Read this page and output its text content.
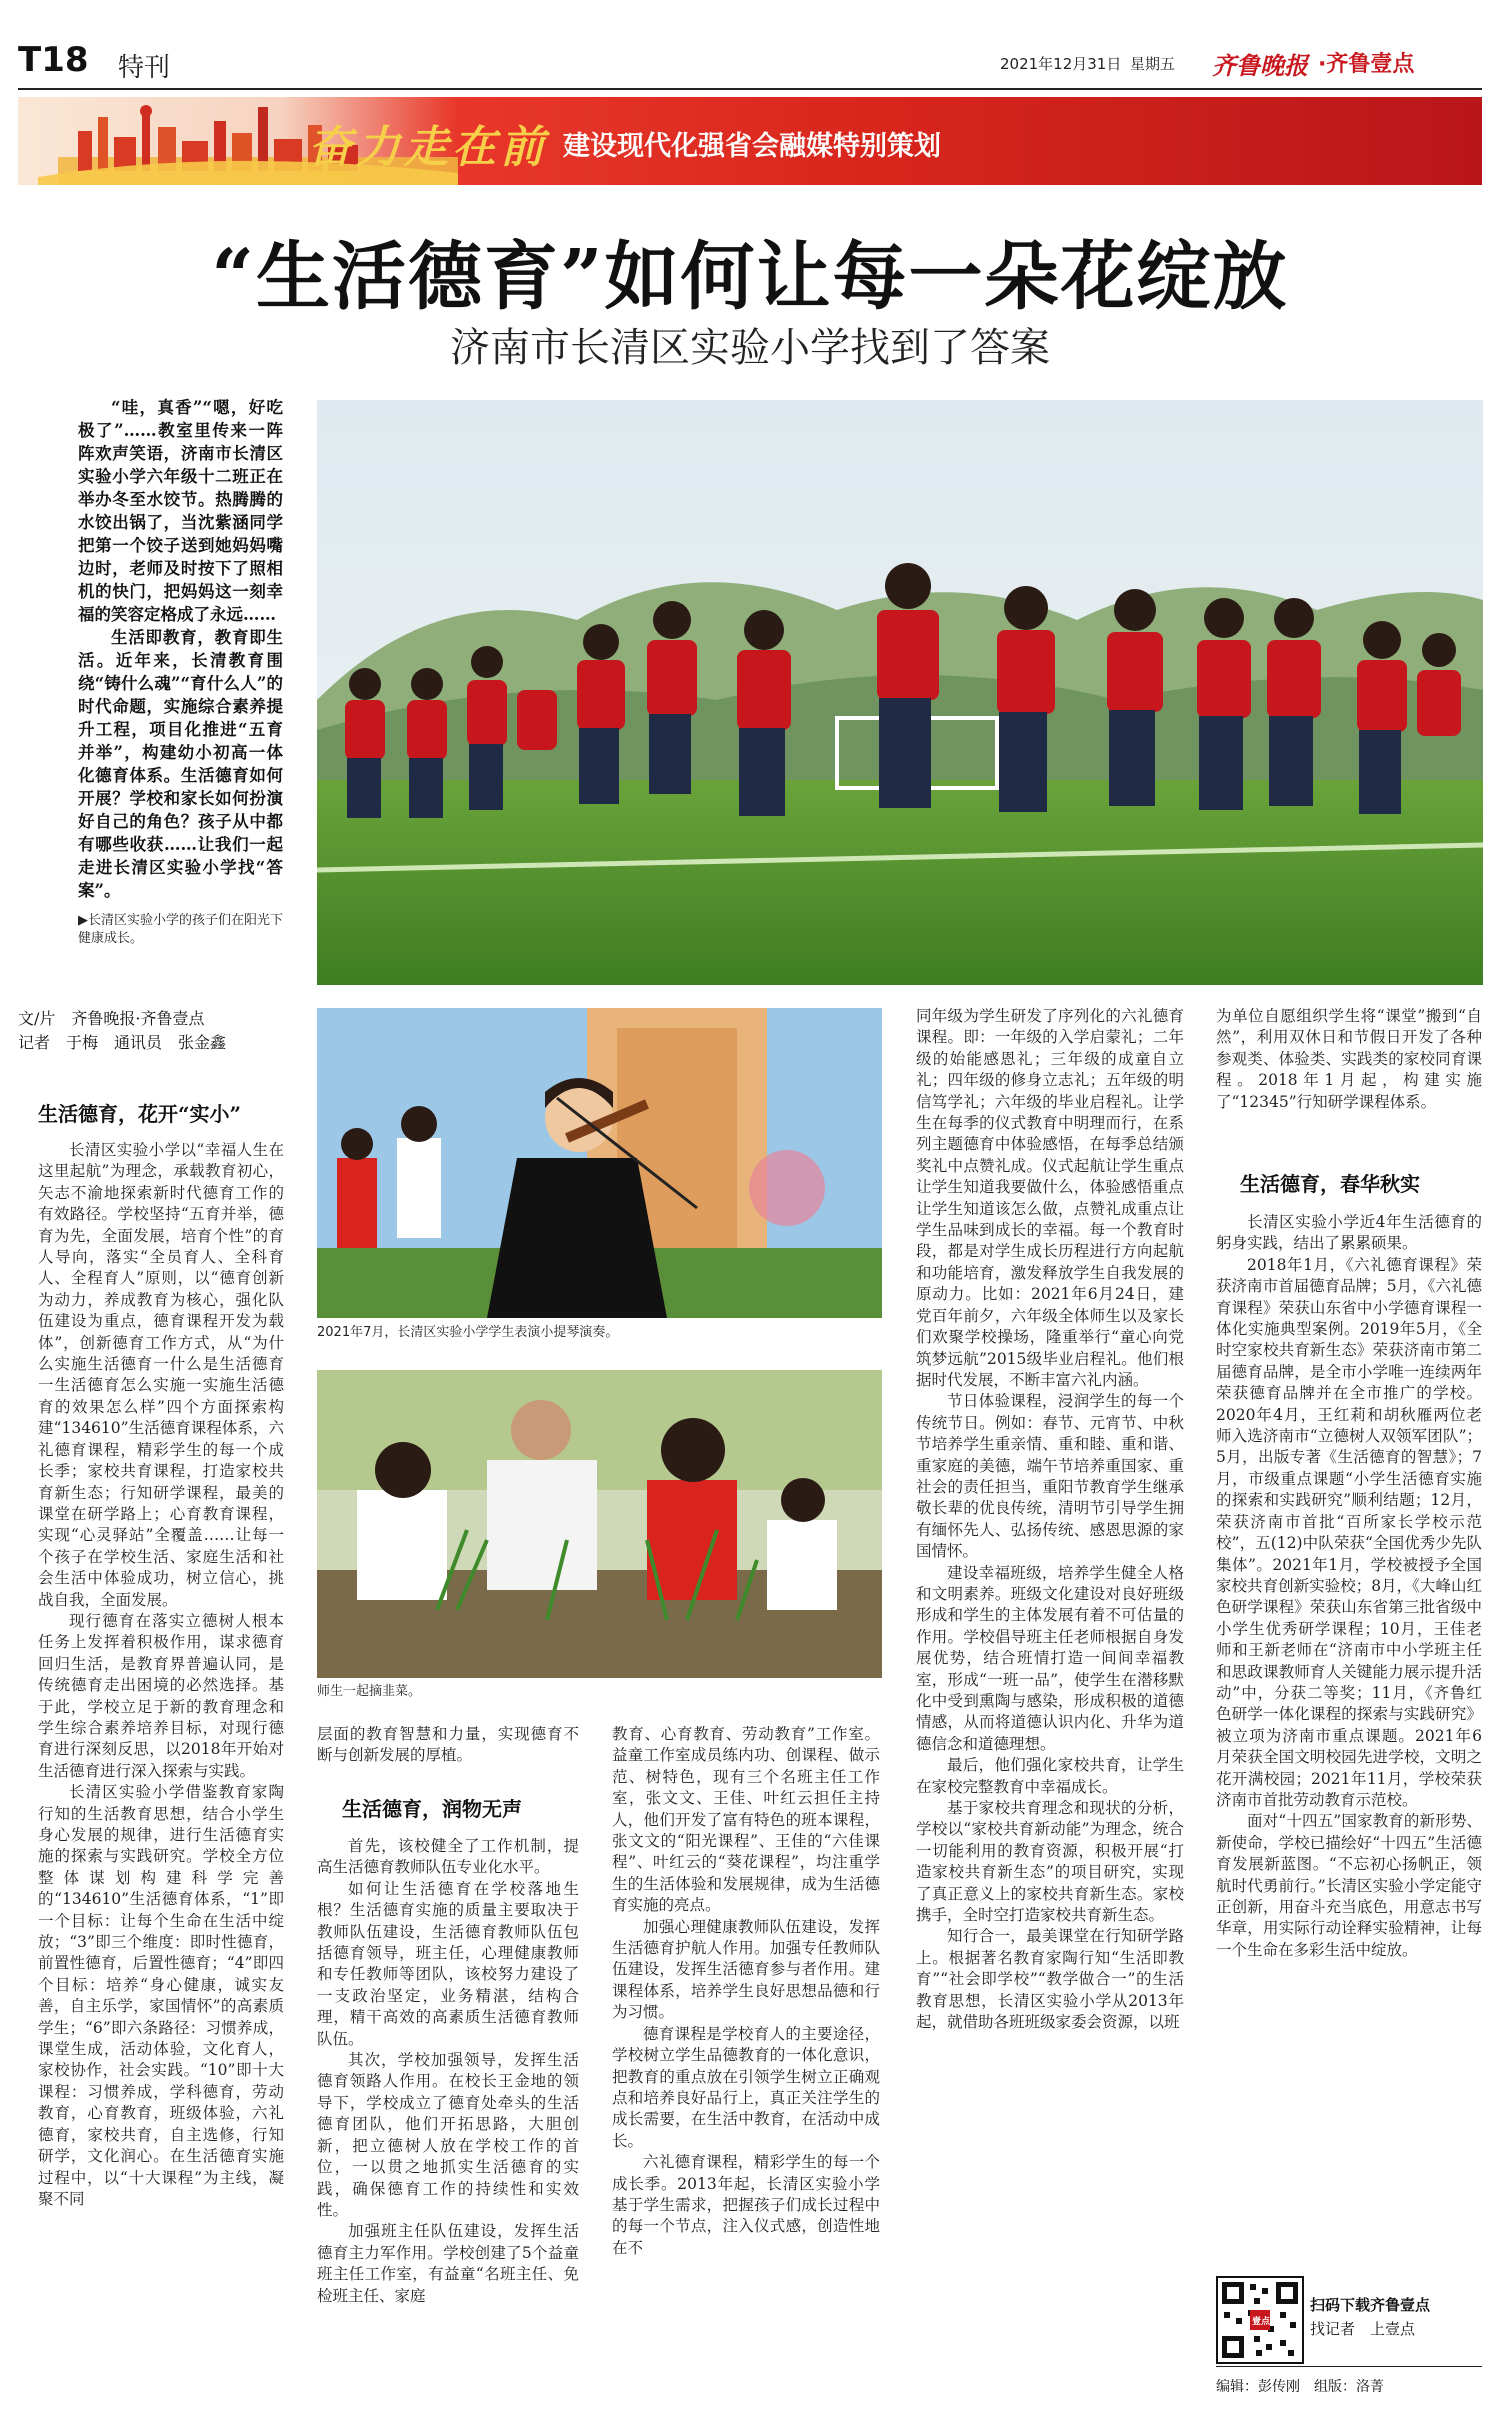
T18 特刊	2021年12月31日 星期五 齐鲁晚报 ·齐鲁壹点
奋力走在前 建设现代化强省会融媒特别策划
“生活德育”如何让每一朵花绽放
济南市长清区实验小学找到了答案

“哇，真香”“嗯，好吃极了”……教室里传来一阵阵欢声笑语，济南市长清区实验小学六年级十二班正在举办冬至水饺节。热腾腾的水饺出锅了，当沈紫涵同学把第一个饺子送到她妈妈嘴边时，老师及时按下了照相机的快门，把妈妈这一刻幸福的笑容定格成了永远……

生活即教育，教育即生活。近年来，长清教育围绕“铸什么魂”“育什么人”的时代命题，实施综合素养提升工程，项目化推进“五育并举”，构建幼小初高一体化德育体系。生活德育如何开展？学校和家长如何扮演好自己的角色？孩子从中都有哪些收获……让我们一起走进长清区实验小学找“答案”。

▶长清区实验小学的孩子们在阳光下健康成长。
文/片　齐鲁晚报·齐鲁壹点
记者　于梅　通讯员　张金鑫
2021年7月，长清区实验小学学生表演小提琴演奏。
师生一起摘韭菜。
生活德育，花开“实小”

长清区实验小学以“幸福人生在这里起航”为理念，承载教育初心，矢志不渝地探索新时代德育工作的有效路径。学校坚持“五育并举，德育为先，全面发展，培育个性”的育人导向，落实“全员育人、全科育人、全程育人”原则，以“德育创新为动力，养成教育为核心，强化队伍建设为重点，德育课程开发为载体”，创新德育工作方式，从“为什么实施生活德育一什么是生活德育一生活德育怎么实施一实施生活德育的效果怎么样”四个方面探索构建“134610”生活德育课程体系，六礼德育课程，精彩学生的每一个成长季；家校共育课程，打造家校共育新生态；行知研学课程，最美的课堂在研学路上；心育教育课程，实现“心灵驿站”全覆盖……让每一个孩子在学校生活、家庭生活和社会生活中体验成功，树立信心，挑战自我，全面发展。

现行德育在落实立德树人根本任务上发挥着积极作用，谋求德育回归生活，是教育界普遍认同，是传统德育走出困境的必然选择。基于此，学校立足于新的教育理念和学生综合素养培养目标，对现行德育进行深刻反思，以2018年开始对生活德育进行深入探索与实践。

长清区实验小学借鉴教育家陶行知的生活教育思想，结合小学生身心发展的规律，进行生活德育实施的探索与实践研究。学校全方位整体谋划构建科学完善的“134610”生活德育体系，“1”即一个目标：让每个生命在生活中绽放；“3”即三个维度：即时性德育，前置性德育，后置性德育；“4”即四个目标：培养“身心健康，诚实友善，自主乐学，家国情怀”的高素质学生；“6”即六条路径：习惯养成，课堂生成，活动体验，文化育人，家校协作，社会实践。“10”即十大课程：习惯养成，学科德育，劳动教育，心育教育，班级体验，六礼德育，家校共育，自主选修，行知研学，文化润心。在生活德育实施过程中，以“十大课程”为主线，凝聚不同

层面的教育智慧和力量，实现德育不断与创新发展的厚植。

生活德育，润物无声

首先，该校健全了工作机制，提高生活德育教师队伍专业化水平。

如何让生活德育在学校落地生根？生活德育实施的质量主要取决于教师队伍建设，生活德育教师队伍包括德育领导，班主任，心理健康教师和专任教师等团队，该校努力建设了一支政治坚定，业务精湛，结构合理，精干高效的高素质生活德育教师队伍。

其次，学校加强领导，发挥生活德育领路人作用。在校长王金地的领导下，学校成立了德育处牵头的生活德育团队，他们开拓思路，大胆创新，把立德树人放在学校工作的首位，一以贯之地抓实生活德育的实践，确保德育工作的持续性和实效性。

加强班主任队伍建设，发挥生活德育主力军作用。学校创建了5个益童班主任工作室，有益童“名班主任、免检班主任、家庭

教育、心育教育、劳动教育”工作室。益童工作室成员练内功、创课程、做示范、树特色，现有三个名班主任工作室，张文文、王佳、叶红云担任主持人，他们开发了富有特色的班本课程，张文文的“阳光课程”、王佳的“六佳课程”、叶红云的“葵花课程”，均注重学生的生活体验和发展规律，成为生活德育实施的亮点。

加强心理健康教师队伍建设，发挥生活德育护航人作用。加强专任教师队伍建设，发挥生活德育参与者作用。建课程体系，培养学生良好思想品德和行为习惯。

德育课程是学校育人的主要途径，学校树立学生品德教育的一体化意识，把教育的重点放在引领学生树立正确观点和培养良好品行上，真正关注学生的成长需要，在生活中教育，在活动中成长。

六礼德育课程，精彩学生的每一个成长季。2013年起，长清区实验小学基于学生需求，把握孩子们成长过程中的每一个节点，注入仪式感，创造性地在不

同年级为学生研发了序列化的六礼德育课程。即：一年级的入学启蒙礼；二年级的始能感恩礼；三年级的成童自立礼；四年级的修身立志礼；五年级的明信笃学礼；六年级的毕业启程礼。让学生在每季的仪式教育中明理而行，在系列主题德育中体验感悟，在每季总结颁奖礼中点赞礼成。仪式起航让学生重点让学生知道我要做什么，体验感悟重点让学生知道该怎么做，点赞礼成重点让学生品味到成长的幸福。每一个教育时段，都是对学生成长历程进行方向起航和功能培育，激发释放学生自我发展的原动力。比如：2021年6月24日，建党百年前夕，六年级全体师生以及家长们欢聚学校操场，隆重举行“童心向党筑梦远航”2015级毕业启程礼。他们根据时代发展，不断丰富六礼内涵。

节日体验课程，浸润学生的每一个传统节日。例如：春节、元宵节、中秋节培养学生重亲情、重和睦、重和谐、重家庭的美德，端午节培养重国家、重社会的责任担当，重阳节教育学生继承敬长辈的优良传统，清明节引导学生拥有缅怀先人、弘扬传统、感恩思源的家国情怀。

建设幸福班级，培养学生健全人格和文明素养。班级文化建设对良好班级形成和学生的主体发展有着不可估量的作用。学校倡导班主任老师根据自身发展优势，结合班情打造一间间幸福教室，形成“一班一品”，使学生在潜移默化中受到熏陶与感染，形成积极的道德情感，从而将道德认识内化、升华为道德信念和道德理想。

最后，他们强化家校共育，让学生在家校完整教育中幸福成长。

基于家校共育理念和现状的分析，学校以“家校共育新动能”为理念，统合一切能利用的教育资源，积极开展“打造家校共育新生态”的项目研究，实现了真正意义上的家校共育新生态。家校携手，全时空打造家校共育新生态。

知行合一，最美课堂在行知研学路上。根据著名教育家陶行知“生活即教育”“社会即学校”“教学做合一”的生活教育思想，长清区实验小学从2013年起，就借助各班班级家委会资源，以班

为单位自愿组织学生将“课堂”搬到“自然”，利用双休日和节假日开发了各种参观类、体验类、实践类的家校同育课程。2018年1月起，构建实施了“12345”行知研学课程体系。

生活德育，春华秋实

长清区实验小学近4年生活德育的躬身实践，结出了累累硕果。

2018年1月，《六礼德育课程》荣获济南市首届德育品牌；5月，《六礼德育课程》荣获山东省中小学德育课程一体化实施典型案例。2019年5月，《全时空家校共育新生态》荣获济南市第二届德育品牌，是全市小学唯一连续两年荣获德育品牌并在全市推广的学校。2020年4月，王红莉和胡秋雁两位老师入选济南市“立德树人双领军团队”；5月，出版专著《生活德育的智慧》；7月，市级重点课题“小学生活德育实施的探索和实践研究”顺利结题；12月，荣获济南市首批“百所家长学校示范校”，五(12)中队荣获“全国优秀少先队集体”。2021年1月，学校被授予全国家校共育创新实验校；8月，《大峰山红色研学课程》荣获山东省第三批省级中小学生优秀研学课程；10月，王佳老师和王新老师在“济南市中小学班主任和思政课教师育人关键能力展示提升活动”中，分获二等奖；11月，《齐鲁红色研学一体化课程的探索与实践研究》被立项为济南市重点课题。2021年6月荣获全国文明校园先进学校，文明之花开满校园；2021年11月，学校荣获济南市首批劳动教育示范校。

面对“十四五”国家教育的新形势、新使命，学校已描绘好“十四五”生活德育发展新蓝图。“不忘初心扬帆正，领航时代勇前行。”长清区实验小学定能守正创新，用奋斗充当底色，用意志书写华章，用实际行动诠释实验精神，让每一个生命在多彩生活中绽放。

壹点
扫码下载齐鲁壹点
找记者　上壹点
编辑：彭传刚　组版：洛菁
